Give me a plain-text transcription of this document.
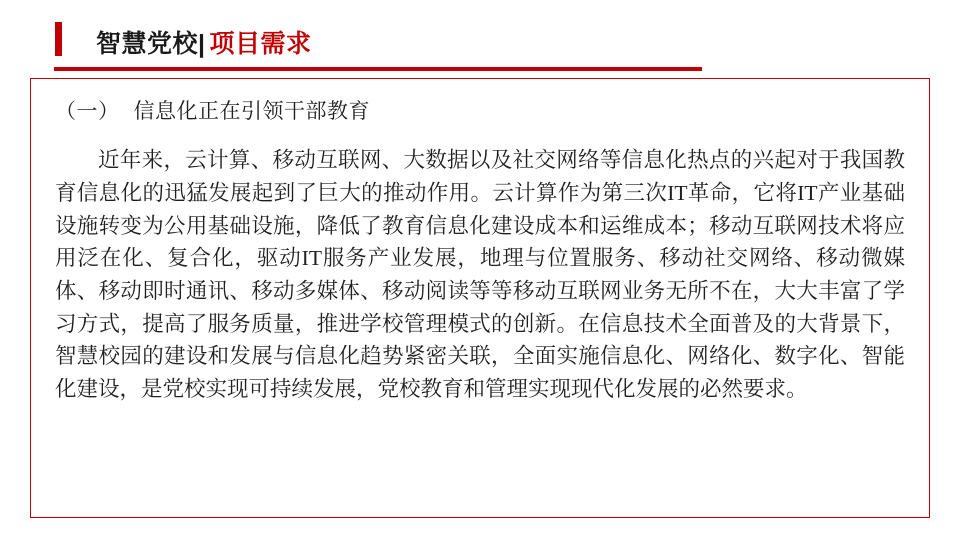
智慧党校| 项目需求
（一） 信息化正在引领干部教育

近年来，云计算、移动互联网、大数据以及社交网络等信息化热点的兴起对于我国教育信息化的迅猛发展起到了巨大的推动作用。云计算作为第三次IT革命，它将IT产业基础设施转变为公用基础设施，降低了教育信息化建设成本和运维成本；移动互联网技术将应用泛在化、复合化，驱动IT服务产业发展，地理与位置服务、移动社交网络、移动微媒体、移动即时通讯、移动多媒体、移动阅读等等移动互联网业务无所不在，大大丰富了学习方式，提高了服务质量，推进学校管理模式的创新。在信息技术全面普及的大背景下，智慧校园的建设和发展与信息化趋势紧密关联，全面实施信息化、网络化、数字化、智能化建设，是党校实现可持续发展，党校教育和管理实现现代化发展的必然要求。
